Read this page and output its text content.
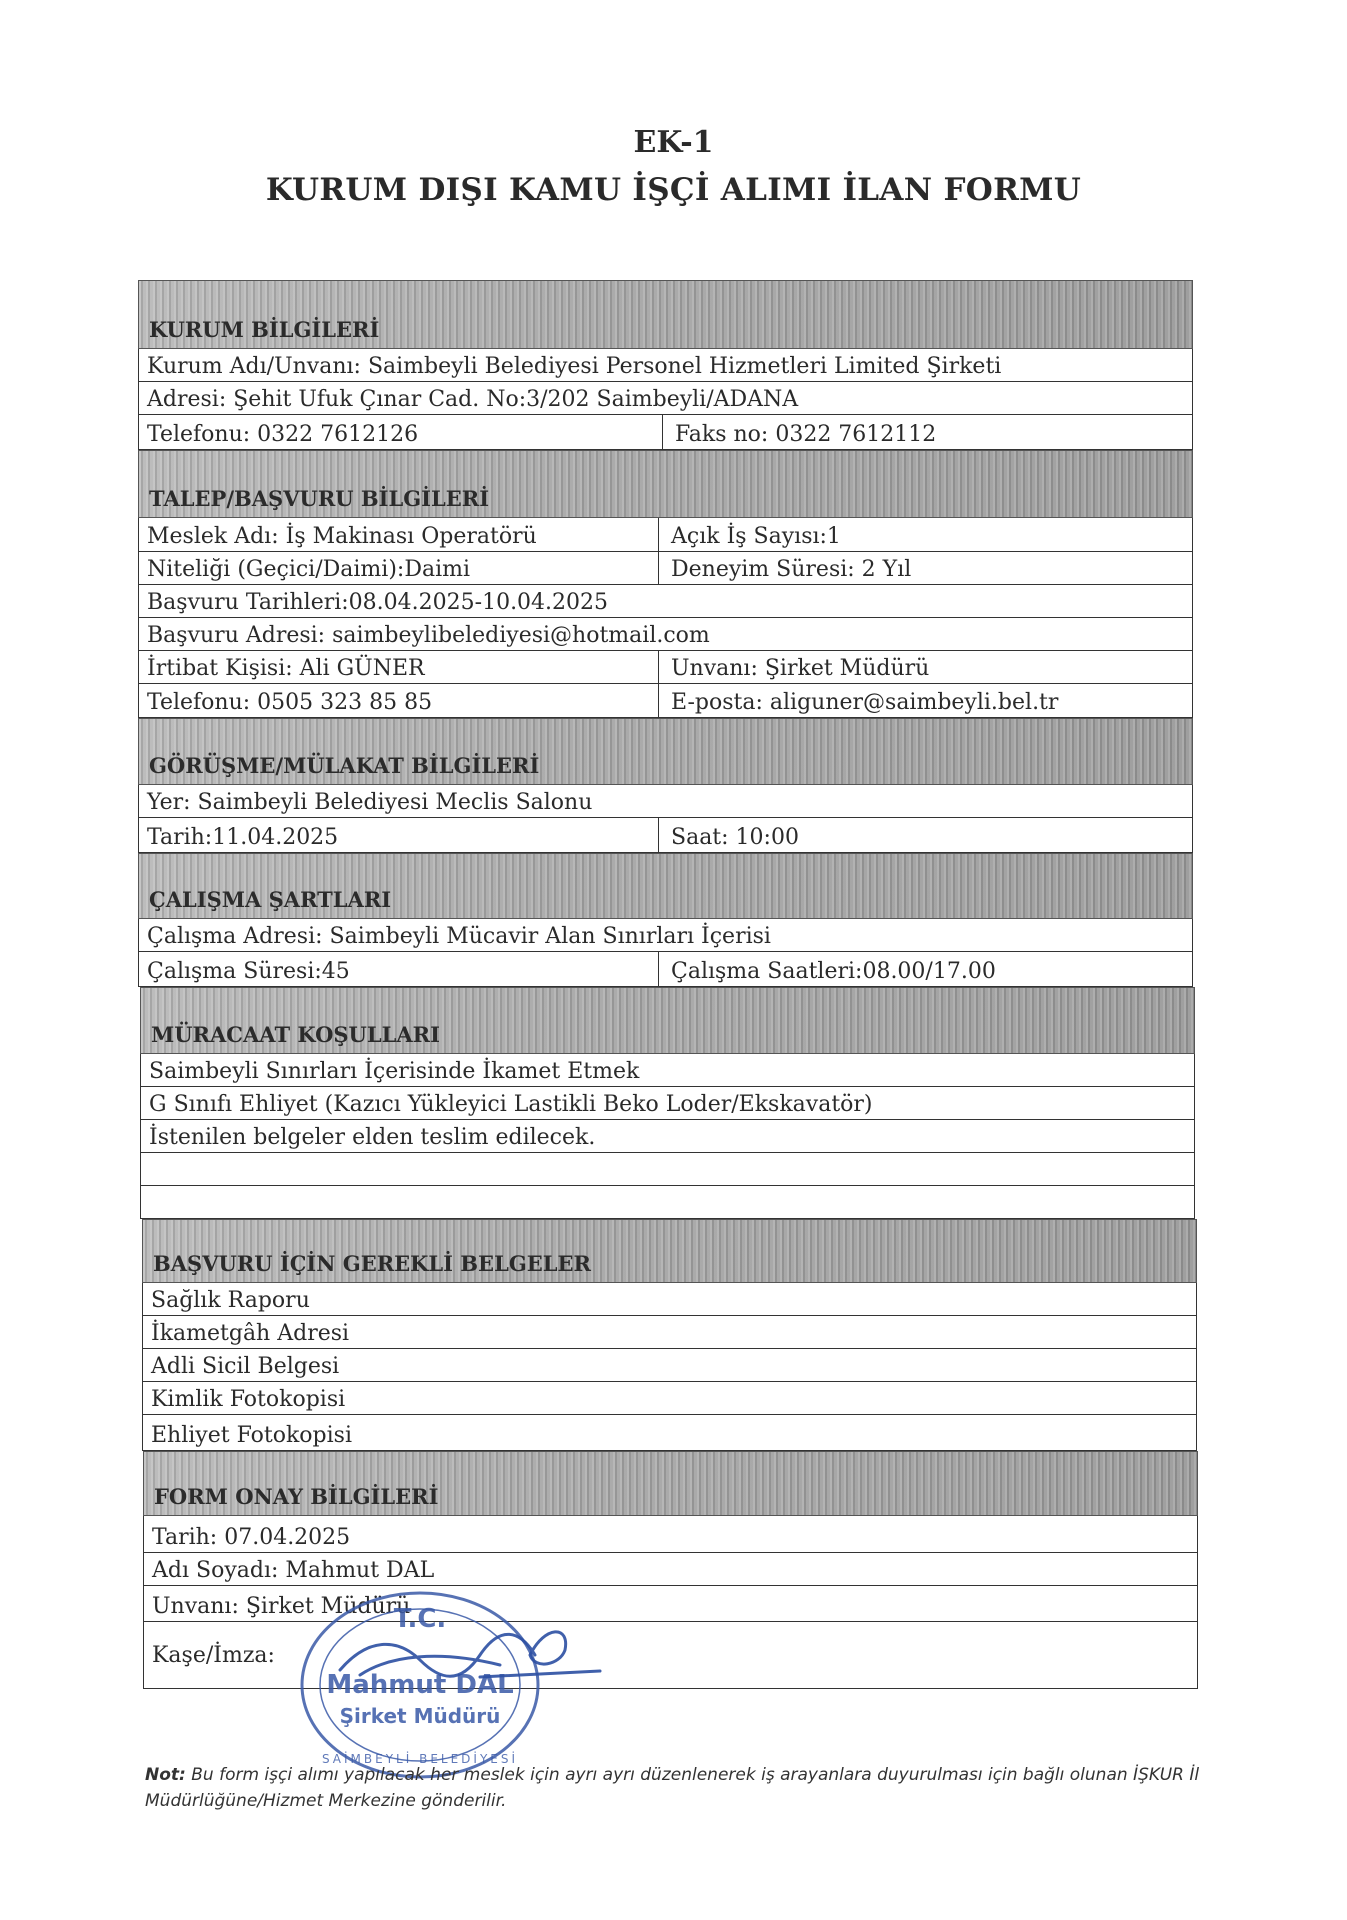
EK-1
KURUM DIŞI KAMU İŞÇİ ALIMI İLAN FORMU
KURUM BİLGİLERİ
Kurum Adı/Unvanı: Saimbeyli Belediyesi Personel Hizmetleri Limited Şirketi
Adresi: Şehit Ufuk Çınar Cad. No:3/202 Saimbeyli/ADANA
Telefonu: 0322 7612126	Faks no: 0322 7612112
TALEP/BAŞVURU BİLGİLERİ
Meslek Adı: İş Makinası Operatörü	Açık İş Sayısı:1
Niteliği (Geçici/Daimi):Daimi	Deneyim Süresi: 2 Yıl
Başvuru Tarihleri:08.04.2025-10.04.2025
Başvuru Adresi: saimbeylibelediyesi@hotmail.com
İrtibat Kişisi: Ali GÜNER	Unvanı: Şirket Müdürü
Telefonu: 0505 323 85 85	E-posta: aliguner@saimbeyli.bel.tr
GÖRÜŞME/MÜLAKAT BİLGİLERİ
Yer: Saimbeyli Belediyesi Meclis Salonu
Tarih:11.04.2025	Saat: 10:00
ÇALIŞMA ŞARTLARI
Çalışma Adresi: Saimbeyli Mücavir Alan Sınırları İçerisi
Çalışma Süresi:45	Çalışma Saatleri:08.00/17.00
MÜRACAAT KOŞULLARI
Saimbeyli Sınırları İçerisinde İkamet Etmek
G Sınıfı Ehliyet (Kazıcı Yükleyici Lastikli Beko Loder/Ekskavatör)
İstenilen belgeler elden teslim edilecek.
BAŞVURU İÇİN GEREKLİ BELGELER
Sağlık Raporu
İkametgâh Adresi
Adli Sicil Belgesi
Kimlik Fotokopisi
Ehliyet Fotokopisi
FORM ONAY BİLGİLERİ
Tarih: 07.04.2025
Adı Soyadı: Mahmut DAL
Unvanı: Şirket Müdürü
Kaşe/İmza:
T.C.
Mahmut DAL
Şirket Müdürü
SAİMBEYLİ BELEDİYESİ
Not: Bu form işçi alımı yapılacak her meslek için ayrı ayrı düzenlenerek iş arayanlara duyurulması için bağlı olunan İŞKUR İl Müdürlüğüne/Hizmet Merkezine gönderilir.
